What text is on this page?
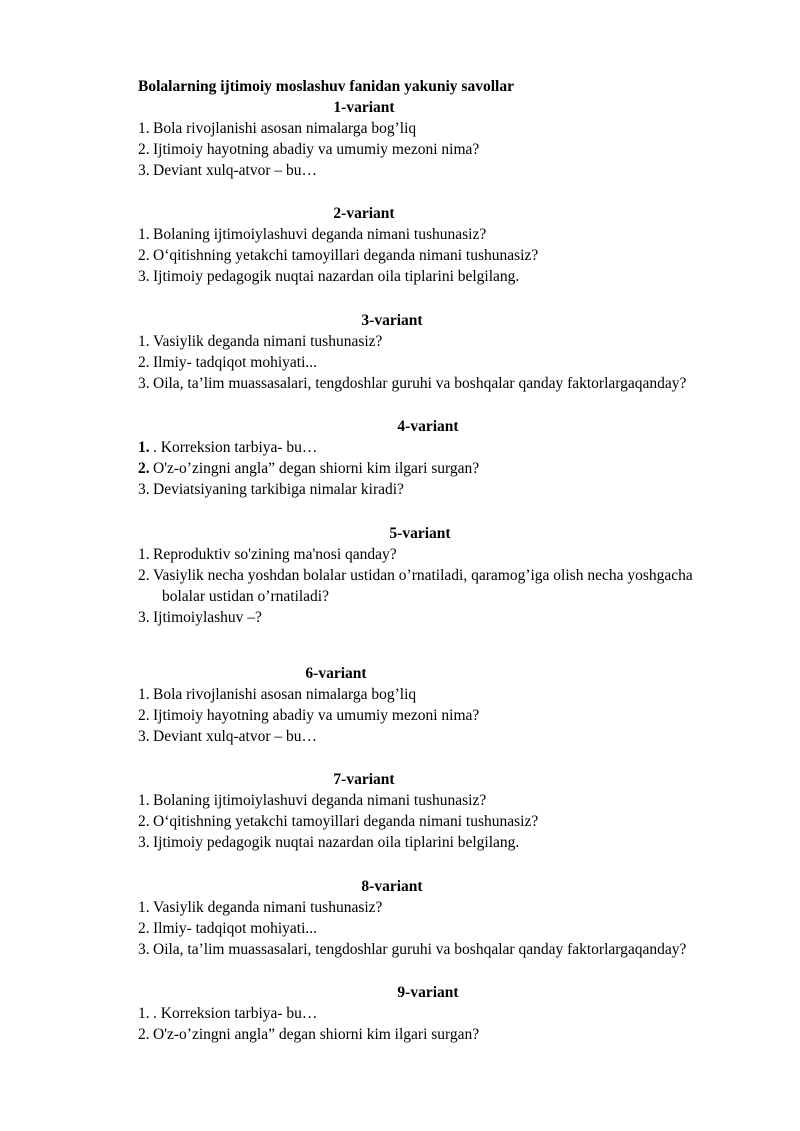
Bolalarning ijtimoiy moslashuv fanidan yakuniy savollar
1-variant
1. Bola rivojlanishi asosan nimalarga bog’liq
2. Ijtimoiy hayotning abadiy va umumiy mezoni nima?
3. Deviant xulq-atvor – bu…
2-variant
1. Bolaning ijtimoiylashuvi deganda nimani tushunasiz?
2. O‘qitishning yetakchi tamoyillari deganda nimani tushunasiz?
3. Ijtimoiy pedagogik nuqtai nazardan oila tiplarini belgilang.
3-variant
1. Vasiylik deganda nimani tushunasiz?
2. Ilmiy- tadqiqot mohiyati...
3. Oila, ta’lim muassasalari, tengdoshlar guruhi va boshqalar qanday faktorlargaqanday?
4-variant
1. . Korreksion tarbiya- bu…
2. O'z-o’zingni angla” degan shiorni kim ilgari surgan?
3. Deviatsiyaning tarkibiga nimalar kiradi?
5-variant
1. Reproduktiv so'zining ma'nosi qanday?
2. Vasiylik necha yoshdan bolalar ustidan o’rnatiladi, qaramog’iga olish necha yoshgacha
bolalar ustidan o’rnatiladi?
3. Ijtimoiylashuv –?
6-variant
1. Bola rivojlanishi asosan nimalarga bog’liq
2. Ijtimoiy hayotning abadiy va umumiy mezoni nima?
3. Deviant xulq-atvor – bu…
7-variant
1. Bolaning ijtimoiylashuvi deganda nimani tushunasiz?
2. O‘qitishning yetakchi tamoyillari deganda nimani tushunasiz?
3. Ijtimoiy pedagogik nuqtai nazardan oila tiplarini belgilang.
8-variant
1. Vasiylik deganda nimani tushunasiz?
2. Ilmiy- tadqiqot mohiyati...
3. Oila, ta’lim muassasalari, tengdoshlar guruhi va boshqalar qanday faktorlargaqanday?
9-variant
1. . Korreksion tarbiya- bu…
2. O'z-o’zingni angla” degan shiorni kim ilgari surgan?
